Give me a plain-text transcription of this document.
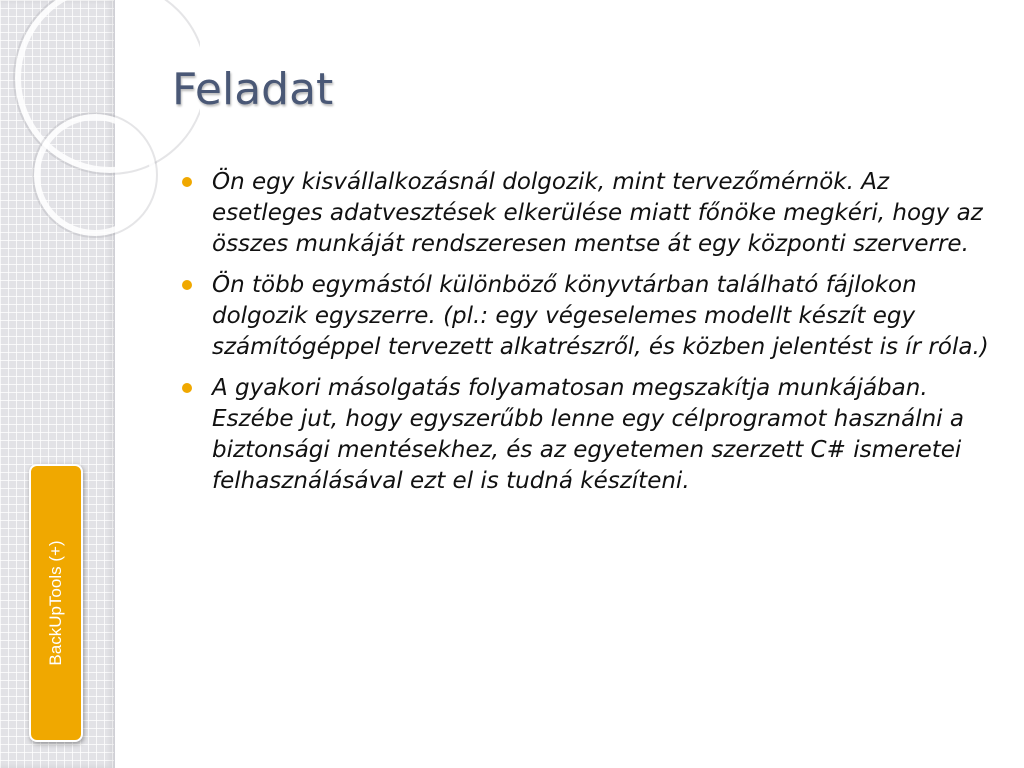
BackUpTools (+)
Feladat
Ön egy kisvállalkozásnál dolgozik, mint tervezőmérnök. Az esetleges adatvesztések elkerülése miatt főnöke megkéri, hogy az összes munkáját rendszeresen mentse át egy központi szerverre.
Ön több egymástól különböző könyvtárban található fájlokon dolgozik egyszerre. (pl.: egy végeselemes modellt készít egy számítógéppel tervezett alkatrészről, és közben jelentést is ír róla.)
A gyakori másolgatás folyamatosan megszakítja munkájában. Eszébe jut, hogy egyszerűbb lenne egy célprogramot használni a biztonsági mentésekhez, és az egyetemen szerzett C# ismeretei felhasználásával ezt el is tudná készíteni.
